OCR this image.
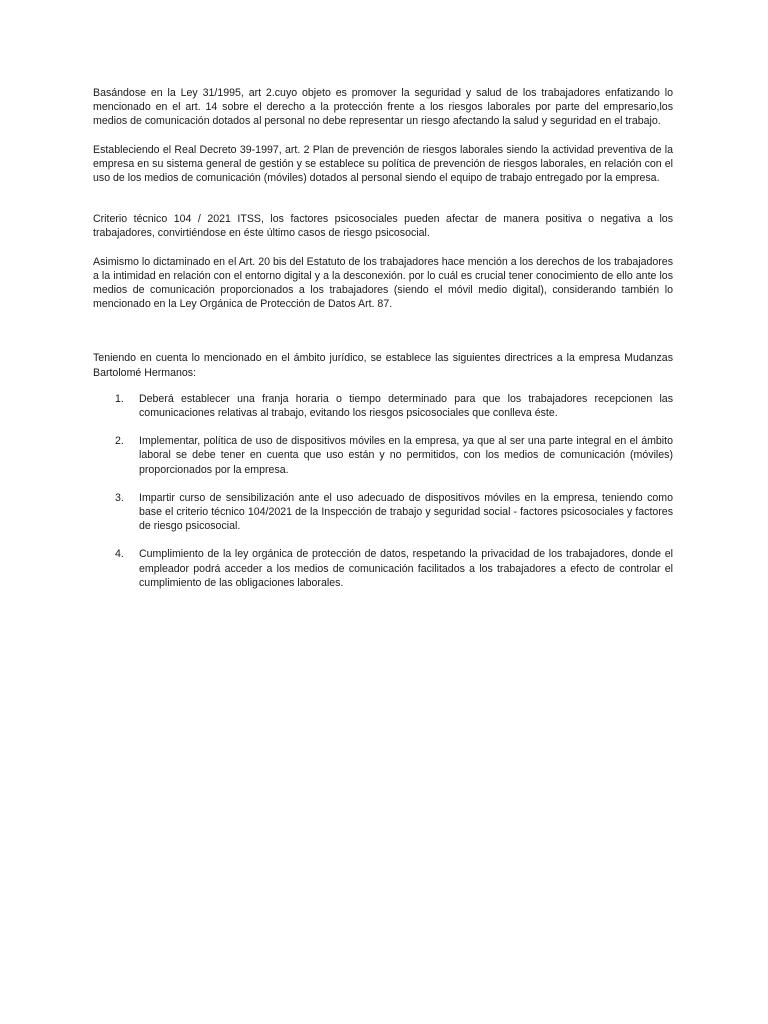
Basándose en la Ley 31/1995, art 2.cuyo objeto es promover la seguridad y salud de los trabajadores enfatizando lo mencionado en el art. 14 sobre el derecho a la protección frente a los riesgos laborales por parte del empresario,los medios de comunicación dotados al personal no debe representar un riesgo afectando la salud y seguridad en el trabajo.

Estableciendo el Real Decreto 39-1997, art. 2 Plan de prevención de riesgos laborales siendo la actividad preventiva de la empresa en su sistema general de gestión y se establece su política de prevención de riesgos laborales, en relación con el uso de los medios de comunicación (móviles) dotados al personal siendo el equipo de trabajo entregado por la empresa.

Criterio técnico 104 / 2021 ITSS, los factores psicosociales pueden afectar de manera positiva o negativa a los trabajadores, convirtiéndose en éste último casos de riesgo psicosocial.

Asimismo lo dictaminado en el Art. 20 bis del Estatuto de los trabajadores hace mención a los derechos de los trabajadores a la intimidad en relación con el entorno digital y a la desconexión. por lo cuál es crucial tener conocimiento de ello ante los medios de comunicación proporcionados a los trabajadores (siendo el móvil medio digital), considerando también lo mencionado en la Ley Orgánica de Protección de Datos Art. 87.

Teniendo en cuenta lo mencionado en el ámbito jurídico, se establece las siguientes directrices a la empresa Mudanzas Bartolomé Hermanos:

1. Deberá establecer una franja horaria o tiempo determinado para que los trabajadores recepcionen las comunicaciones relativas al trabajo, evitando los riesgos psicosociales que conlleva éste.
2. Implementar, política de uso de dispositivos móviles en la empresa, ya que al ser una parte integral en el ámbito laboral se debe tener en cuenta que uso están y no permitidos, con los medios de comunicación (móviles) proporcionados por la empresa.
3. Impartir curso de sensibilización ante el uso adecuado de dispositivos móviles en la empresa, teniendo como base el criterio técnico 104/2021 de la Inspección de trabajo y seguridad social - factores psicosociales y factores de riesgo psicosocial.
4. Cumplimiento de la ley orgánica de protección de datos, respetando la privacidad de los trabajadores, donde el empleador podrá acceder a los medios de comunicación facilitados a los trabajadores a efecto de controlar el cumplimiento de las obligaciones laborales.
